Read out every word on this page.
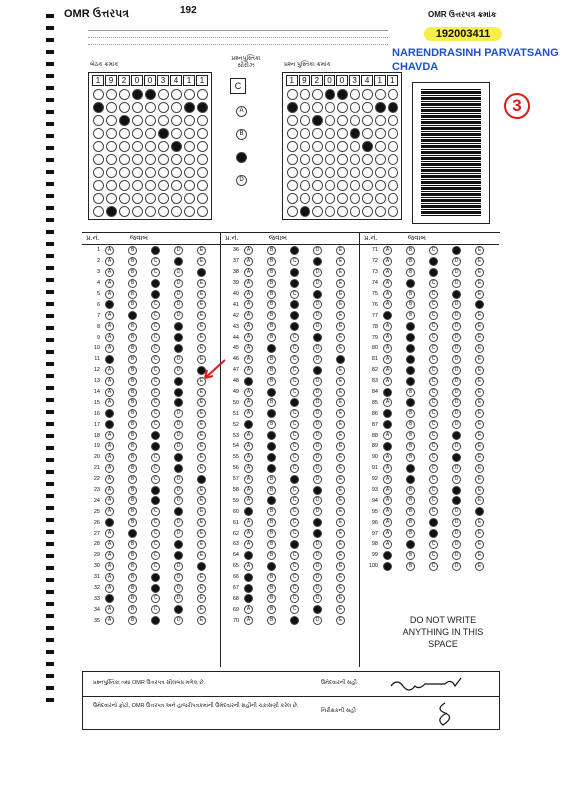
OMR ઉત્તરપત્ર	192	OMR ઉત્તરપત્ર ક્રમાંક
192003411
NARENDRASINH PARVATSANG CHAVDA
3
બેઠક ક્રમાંક
1	9	2	0	0	3	4	1	1
પ્રશ્નપુસ્તિકા સીરીઝ
C
A
B
D
પ્રશ્ન પુસ્તિકા ક્રમાંક
1	9	2	0	0	3	4	1	1
પ્ર.નં.	જવાબ
1	A	B	D	E
2	A	B	C	E
3	A	B	C	D
4	A	B	D	E
5	A	B	D	E
6	B	C	D	E
7	A	C	D	E
8	A	B	C	E
9	A	B	C	E
10	A	B	C	E
11	B	C	D	E
12	A	B	C	D
13	A	B	C	E
14	A	B	C	E
15	A	B	C	E
16	B	C	D	E
17	B	C	D	E
18	A	B	D	E
19	A	B	D	E
20	A	B	C	E
21	A	B	C	E
22	A	B	C	D
23	A	B	D	E
24	A	B	D	E
25	A	B	C	E
26	B	C	D	E
27	A	C	D	E
28	A	B	C	E
29	A	B	C	E
30	A	B	C	D
31	A	B	D	E
32	A	B	D	E
33	B	C	D	E
34	A	B	C	E
35	A	B	D	E
પ્ર.નં.	જવાબ
36	A	B	D	E
37	A	B	C	E
38	A	B	D	E
39	A	B	D	E
40	A	B	C	E
41	A	B	D	E
42	A	B	D	E
43	A	B	D	E
44	A	B	C	E
45	A	C	D	E
46	A	B	C	D
47	A	B	C	E
48	B	C	D	E
49	A	C	D	E
50	A	B	D	E
51	A	C	D	E
52	B	C	D	E
53	A	C	D	E
54	A	C	D	E
55	A	C	D	E
56	A	C	D	E
57	A	B	D	E
58	A	B	C	E
59	A	C	D	E
60	B	C	D	E
61	A	B	C	E
62	A	B	C	E
63	A	B	D	E
64	B	C	D	E
65	A	C	D	E
66	B	C	D	E
67	B	C	D	E
68	B	C	D	E
69	A	B	C	E
70	A	B	D	E
પ્ર.નં.	જવાબ
71	A	B	C	E
72	A	B	D	E
73	A	B	D	E
74	A	C	D	E
75	A	B	C	E
76	A	B	C	D
77	B	C	D	E
78	A	C	D	E
79	A	C	D	E
80	A	C	D	E
81	A	C	D	E
82	A	C	D	E
83	A	C	D	E
84	B	C	D	E
85	A	C	D	E
86	B	C	D	E
87	B	C	D	E
88	A	B	C	E
89	B	C	D	E
90	A	B	C	E
91	A	C	D	E
92	A	C	D	E
93	A	B	C	E
94	A	B	C	E
95	A	B	C	D
96	A	B	D	E
97	A	B	D	E
98	A	C	D	E
99	B	C	D	E
100	B	C	D	E
DO NOT WRITE ANYTHING IN THIS SPACE
પ્રશ્નપુસ્તિકા તથા OMR ઉત્તરપત્ર સીલબંધ મળેલ છે.	ઉમેદવારની સહી
ઉમેદવારનો ફોટો, OMR ઉત્તરપત્ર અને હાજરીપત્રકમાંની ઉમેદવારની સહીની ચકાસણી કરેલ છે.
નિરીક્ષકની સહી
